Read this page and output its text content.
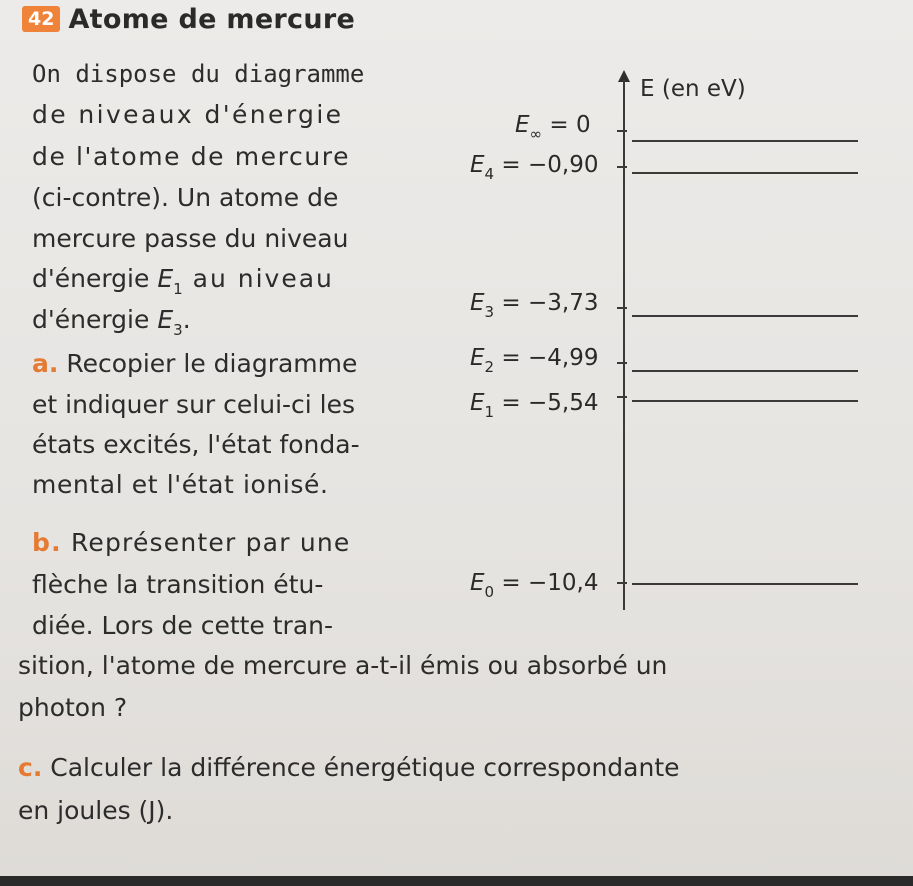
42 Atome de mercure
On dispose du diagramme
de niveaux d'énergie
de l'atome de mercure
(ci-contre). Un atome de
mercure passe du niveau
d'énergie $E_1$ au niveau
d'énergie $E_3$.
a. Recopier le diagramme
et indiquer sur celui-ci les
états excités, l'état fonda-
mental et l'état ionisé.
b. Représenter par une
flèche la transition étu-
diée. Lors de cette tran-
sition, l'atome de mercure a-t-il émis ou absorbé un
photon ?
c. Calculer la différence énergétique correspondante
en joules (J).
E (en eV)
$E_\infty = 0$
$E_4 = -0,90$
$E_3 = -3,73$
$E_2 = -4,99$
$E_1 = -5,54$
$E_0 = -10,4$
